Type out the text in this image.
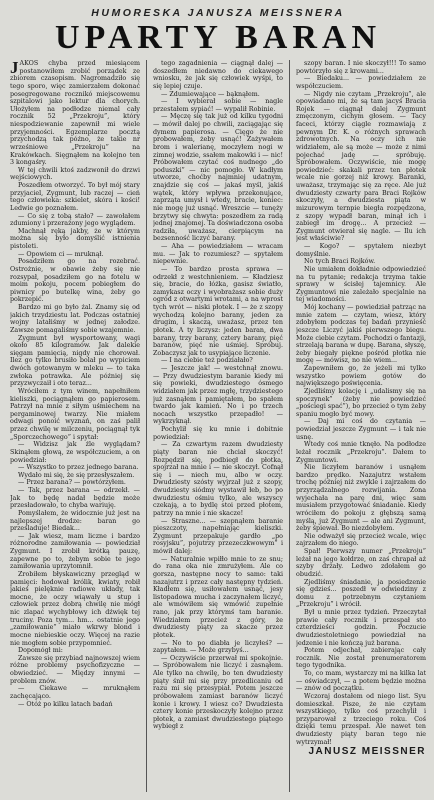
HUMORESKA JANUSZA MEISSNERA

UPARTY BARAN

JAKOŚ chyba przed miesiącem postanowiłem zrobić porządek ze zbiorem czasopism. Nagromadziło się tego sporo, więc zamierzałem dokonać posegregowane rocznikó miejscowemu szpitalowi jako lektur dla chorych. Ułożyłem na podłodze niemal cały rocznik 52 „Przekroju”, który niespodziewanie zapewnił mi wiele przyjemności. Egzemplarze pocztą przychodzą tak późno, że takie nr wrześniowe „Przekroju” na Krakówkach. Sięgnąłem na kolejno ten 3 kongaśry.

W tej chwili ktoś zadzwonił do drzwi wejściowych.

Poszedłem otworzyć. To był mój stary przyjaciel, Zygmunt, lub raczej — cień tego człowieka: szkielet, skóra i kości! Ledwie go poznałem.

— Co się z tobą stało? — zawołałem zdumiony i przerażony jego wyglądem.

Machnął ręką jakby, że w którym można się było domyślić istnienia pistoleti.

— Opowiem ci — mruknął.

Posadziłem go na rozebrać. Ostrożnie, w obawie żeby się nie rozsypał, posadziłem go na fotelu w moim pokoju, pocem pobiegłem do piwnicy po butelkę wina, żeby go pokrzepić.

Bardzo mi go było żal. Znamy się od jakich trzydziestu lat. Podczas ostatniej wojny latałiśmy w jednej załodze. Zawsze pomagaliśmy sobie wzajemnie.

Zygmunt był wysportowany, wagi około 85 kilogramów. Jak dalekie sięgam pamięcią, nigdy nie chorował. Ilez go tylko brusiło bolał po wypiciem dwóch gotowanym w mleku — to taka zwłoka potrawka. Ale później się przyzwyczaił i oto teraz...

Wróciłem z tym winem, napełniłem kieliszki, pociągnąłem go papierosem. Patrzył na mnie z siłym uśmiechem na pergaminowej twarzy. Nie miałem odwagi ponoić wyznań, on zaś palił przez chwilę w milczeniu, pociągnął tyk „Sporczechowego” i spytał:

— Widzisz jak źle wyglądam? Skinąłem głową, ze współczuciem, a on powiedział:

— Wszystko to przez jednego barana.

Wydało mi się, że się przesłyszałem.

— Przez barana? — powtórzyłem.

— Tak, przez barana — odrzekł. — Jak to będę nadał będzie może przesładowało, to chyba wariuję.

Pomyślałem, że widocznie już jest na najlepszej drodze: baran go prześladuje! Biedak...

— Jak wiesz, mam liczne i bardzo różnorodne zamiłowania — powiedział Zygmunt. I zrobił krótką pauzę, zapewne po to, żebym sobie te jego zamiłowania uprzytomnił.

Zrobiłem błyskawiczny przegląd w pamięci: hodował królik, kwiaty, robił jakieś pielęknie radiowe układy, tak mocne, że oczy wiąwały u stup i człowiek przez dobrą chwilę nie mógł nic zlapać wychybłowy ich dźwięk tej truciny. Poza tym... hm... ostatnie jego „zamiłowanie” miało wkrwy blond i mocne niebieskie oczy. Więcej na razie nie mogłem sobie przypomnieć.

Dopomógł mi:

Zawsze się przybiad najnowszej wiem różne problemy psychofizyczne — obwiedzieć. — Między innymi — problem znów.

— Ciekawe — mruknąłem zachęcająco.

— Otóż po kilku latach badań

tego zagadnienia — ciągnął dalej — doszedłem niedawno do ciekawego wniosku, że jak się człowiek wyśpi, to się lepiej czuje.

— Zdumiewające — bąknąłem.

— I wybierał sobie — nagle przestałem sypiać! — wypalił Robinie.

— Męczę się tak już od kilku tygodni — mówił dalej po chwili, zaciągając się dymem papierosa. — Cięgo że nie probowałem, żeby usnąć! Zażywałem brom i walerianę, moczyłem nogi w zimnej wodzie, ssałem makowki i — nic! Próbowałem czytać coś nudnego „do poduszki” — nic pomogło. W kadłym utworze, choćby najmniej udatnym, znajdzie się coś — jakaś myśl, jakiś wątek, który wpływa przekonujące, zaprząta umysł i wtedy, bracie, koniec: nie mogę już usnąć. Wreszcie — tunęży brzytwy się chwyta: poszedłem za radą jednej znajomej. Ta doświadczona osoba radziła, uważasz, cierpiącym na bezsenność liczyć barany.

— Aha — powiedziałem — wracam mu. — Jak to rozumiesz? — spytałem niepewnie.

— To bardzo prosta sprawa — odrzekł z westchnieniem. — Kładziesz się, bracie, do łóżka, gasisz światło, zamykasz oczy i wyobrażasz sobie duży ogród z otwartymi wrotami, a na wprost tych wrót — niski płotek. I — że z szopy wychodzą kolejno barany, jeden za drugim, i skaczą, uważasz, przez ten płotek. A ty liczysz: jeden baran, dwa barany, trzy barany, cztery barany, pięć baranów, pięć nie uśmiej. Spróbuj. Zobaczysz jak to usypiające liczenie.

— I na ciebie też podziałało?

— Jeszcze jak! — westchnął znowu. — Przy dwudziestym baranie kiedy mi się powieki, dwudziestego ósmego widziałem jak przez mgłę, trzydziestego już zasnąłem i pamiętałem, bo spałem twardo jak kamień. No i po trzech nocach wszystko przepadło! — wykrzyknął.

Pochylił się ku mnie i dobitnie powiedział:

— Za czwartym razem dwudziesty piąty baran nie chciał skoczyć! Rozpędził się, podbiegł do płotka, spojrzał na mnie i — nie skoczył. Cofnął się i — niech mu, albo w oczy. Dwudziesty szósty wyjrzał już z szopy, dwudziesty siódmy wystawił łeb, bo po dwudziestu ośmiu tylko, ale wszyscy czekają, a to bydlę stoi przed płotem, patrzy na mnie i nie skacze!

— Straszne... — szepnąłem baranie pieszczoty, napełniając kieliszki. Zygmunt przepakuje gardło „po rosyjsku”, pojutrzy przezeczkwowym” i mówił dalej:

— Naturalnie wpiłło mnie to ze snu; do rana oka nie zmrużyłem. Ale co gorsza, następne nocy to samo: taki nazajutrz i przez cały następny tydzień. Kładłem się, usiłowałem usnąć, jesy listopadowa mucha i zaczynałem liczyć, ale wmówiłem się wmówić zupełnie rano, jak przy którymś tam baranie. Wiedziałem przecież z góry, że dwudziesty piąty za skacze przez płotek.

— No to po diabła je liczyłeś? — zapytałem. — Może grzybyś...

— Oczywiście przerwał mi spokojnie. — Spróbowałem nie liczyć i zasnąłem. Ale tylko na chwilę, bo ten dwudziesty piąty śnił mi się przy przedlicaniu od razu mi się przesypiał. Potem jeszcze próbowałem zamiast baranów liczyć konie i krowy. I wiesz co? Dwudziesta cztery konie przeskoczyły kolejno przez płotek, a zamiast dwudziestego piątego wybiegł z

szopy baran. I nie skoczył!!! To samo powtórzyło się z krowami...

— Biedaku... — powiedziałem ze współczuciem.

— Nigdy nie czytam „Przekroju”, ale opowiadano mi, że są tam jacyś Bracia Rojek — ciągnął dalej Zygmunt zmęczonym, cichym głosem. — Tacy faceci, którzy ciągle rozmawiają z pewnym Dr. K. o różnych sprawach zdrowotnych. Na oczy ich nie widziałem, ale są może — może z nimi pojechać jadę — spróbuję. Spróbowałem. Oczywiście, nie mogę powiedzieć: skakali przez ten płotek wcale nie gorzej niż krowy. Baranki, uważasz, trzymając się za ręce. Ale już dwudziesty czwarty para Braci Rojków skoczyły, a dwudziesta piąta w mizurowym ternpie biegła rozpędzona, z szopy wypadł baran, minął ich i zabiegł im drogę... A przecież — Zygmunt otwierał się nagle. — Ilu ich jest właściwie?

— Kogo? — spytałem niezbyt domyślnie.

No tych Braci Rojków.

Nie umiałem dokładnie odpowiedzieć na tu pytanie; redakcja trzyma takie sprawy w ścisłej tajemnicy. Ale Zygmuntowi nie zależało specjalnie na tej wiadomości.

Mój kochany — powiedział patrząc na mnie zatem — czytam, wiesz, który zdobyłem podczas tej badań przynieść jeszcze Liczyć jakiś pierwszego biegu. Może ciebie czytam. Pochodzi o fantazji, strzelają barana w dupę. Barana, słyszę, żeby biegały piękne pośród płotka nie mogę — mówisz, no nie wiem...

Zapewniłem go, że jeżeli mi tylko wszystko powiem gotów do największego poświęcenia.

Zjedliśmy kolację i „udalismy się na spoczynek” (żeby nie powiedzieć „pościegi spać”), bo przecież o tym żeby spaniu mogło być mowy.

— Daj mi coś do czytania — powiedział jeszcze Zygmunt — i tak nie usnę.

Wtedy coś mnie tknęło. Na podłodze leżał rocznik „Przekroju”. Dałem to Zygmuntowi.

Nie liczyłem baranów i usnąłem bardzo prędko. Nazajutrz wstałem trochę później niż zwykle i zajrzałem do przyrządzalnego rozwijania. Zona wyjechała na parę dni, więc sam musiałem przygotować śniadanie. Kiedy wróciłem do pokoju z głębszą samą myślą, już Zygmunt — ale ani Zygmunt, żeby śpiewał. Bo niezdobyłem.

Nie odważył się przecież wcale, więc zajrzałem do niego.

Spał! Pierwszy numer „Przekroju” leżał na jego kołdrze, on zaś chrapał aż szyby drżały. Ledwo zdołałem go obudzić.

Zjedliśmy śniadanie, ja posiedzenie się gdzieś... poszedł w odwiedziny z domu z potrzebnym czytaniem „Przekroju” i wrócił.

Był u mnie przez tydzień. Przeczytał prawie cały rocznik i przespał sto czterdzieści godzin. Poczucie dwudziestoletniego powiedział na jedzenie i nie kończą już barana.

Potem odjechał, zabierając cały rocznik. Nie został prenumeratorem tego tygodnika.

To, co mam, wystarczy mi na kilka lat — oświadczył, — a potem będzie można — znów od początku.

Wczoraj dostałem od niego list. Syu domieszkał. Pisze, że nie czytam wszystkiego, tylko coś przechylił i przyparował z trzeciego roku. Coś dzięki temu przespał. Ale nawet ten dwudziesty piąty baran tego nie wytrzymał!

JANUSZ MEISSNER
